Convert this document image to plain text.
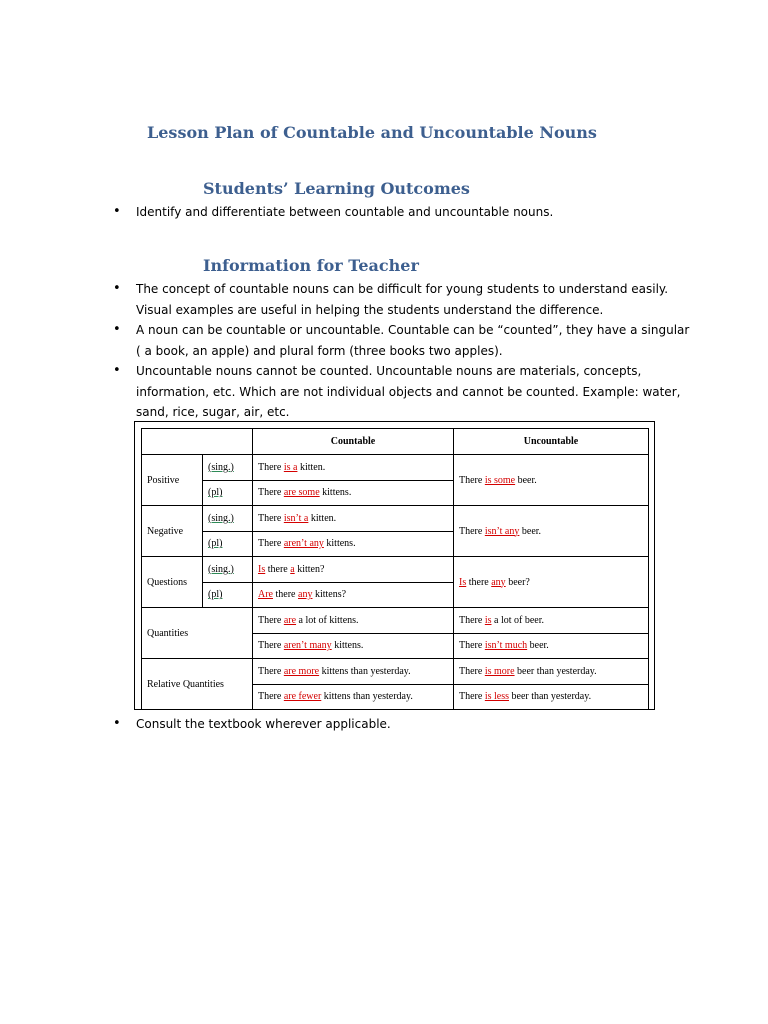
Lesson Plan of Countable and Uncountable Nouns
Students’ Learning Outcomes
• Identify and differentiate between countable and uncountable nouns.
Information for Teacher
• The concept of countable nouns can be difficult for young students to understand easily. Visual examples are useful in helping the students understand the difference.
• A noun can be countable or uncountable. Countable can be “counted”, they have a singular ( a book, an apple) and plural form (three books two apples).
• Uncountable nouns cannot be counted. Uncountable nouns are materials, concepts, information, etc. Which are not individual objects and cannot be counted. Example: water, sand, rice, sugar, air, etc.
		Countable	Uncountable
Positive	(sing.)	There is a kitten.	There is some beer.
	(pl)	There are some kittens.	
Negative	(sing.)	There isn’t a kitten.	There isn’t any beer.
	(pl)	There aren’t any kittens.	
Questions	(sing.)	Is there a kitten?	Is there any beer?
	(pl)	Are there any kittens?	
Quantities		There are a lot of kittens.	There is a lot of beer.
		There aren’t many kittens.	There isn’t much beer.
Relative Quantities		There are more kittens than yesterday.	There is more beer than yesterday.
		There are fewer kittens than yesterday.	There is less beer than yesterday.
• Consult the textbook wherever applicable.
